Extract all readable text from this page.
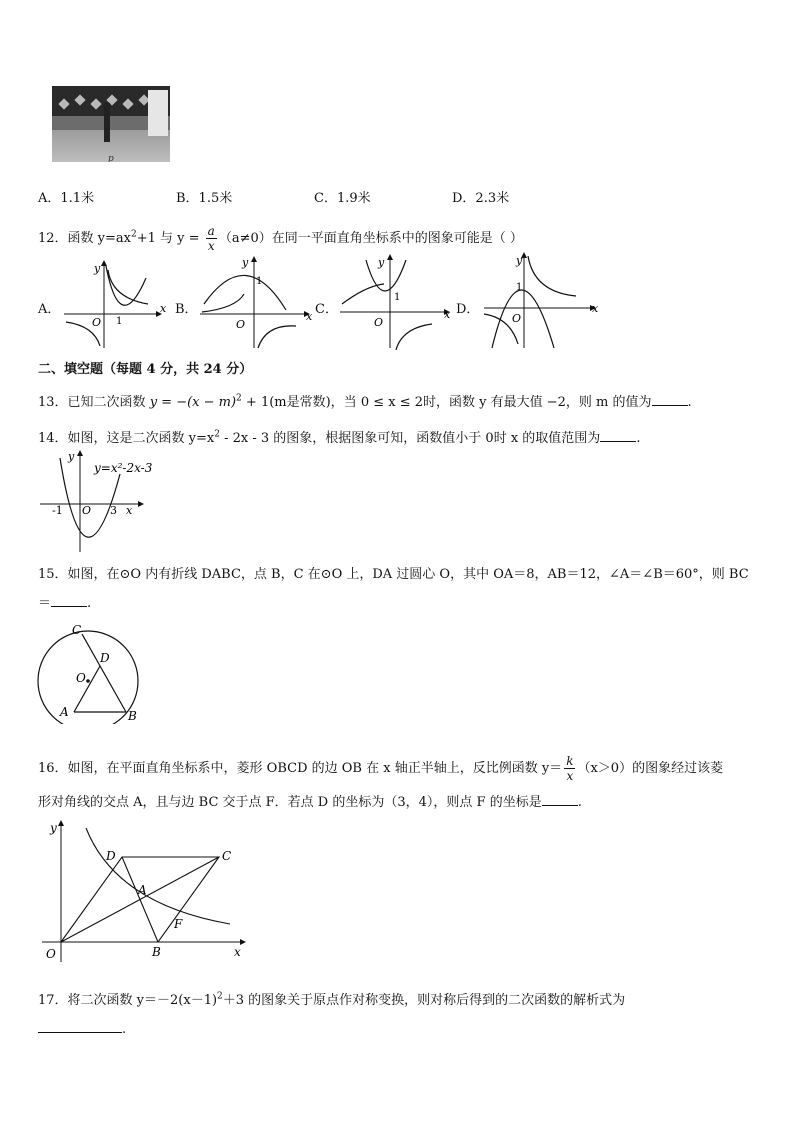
p
A．1.1米	B．1.5米	C．1.9米	D．2.3米
12．函数 $y=ax^2+1$ 与 $y = \frac{a}{x} (a\ne 0)$在同一平面直角坐标系中的图象可能是（ ）
A．	x
y
O 1
B．	x
y
O
1
C．	x
y
O
1
D．	x
y
O
1
二、填空题（每题 4 分，共 24 分）
13．已知二次函数 $y = -(x - m)^2 + 1(m$是常数)，当 0 ≤ x ≤ 2时，函数 y 有最大值 −2，则 m 的值为	.
14．如图，这是二次函数 $y=x^2 - 2x - 3$ 的图象，根据图象可知，函数值小于 0时 x 的取值范围为	.
y=x²-2x-3
-1 O 3 x
y
15．如图，在⊙O 内有折线 DABC，点 B，C 在⊙O 上，DA 过圆心 O，其中 OA＝8，AB＝12，∠A＝∠B＝60°，则 BC
＝	.
C
D
O
A	B
16．如图，在平面直角坐标系中，菱形 OBCD 的边 OB 在 x 轴正半轴上，反比例函数 $y= \frac{k}{x} (x>0)$的图象经过该菱
形对角线的交点 A，且与边 BC 交于点 F．若点 D 的坐标为（3，4），则点 F 的坐标是	.
y
x
O
D	C
A
B
F
17．将二次函数 $y=-2(x-1)^2+3$ 的图象关于原点作对称变换，则对称后得到的二次函数的解析式为
.
